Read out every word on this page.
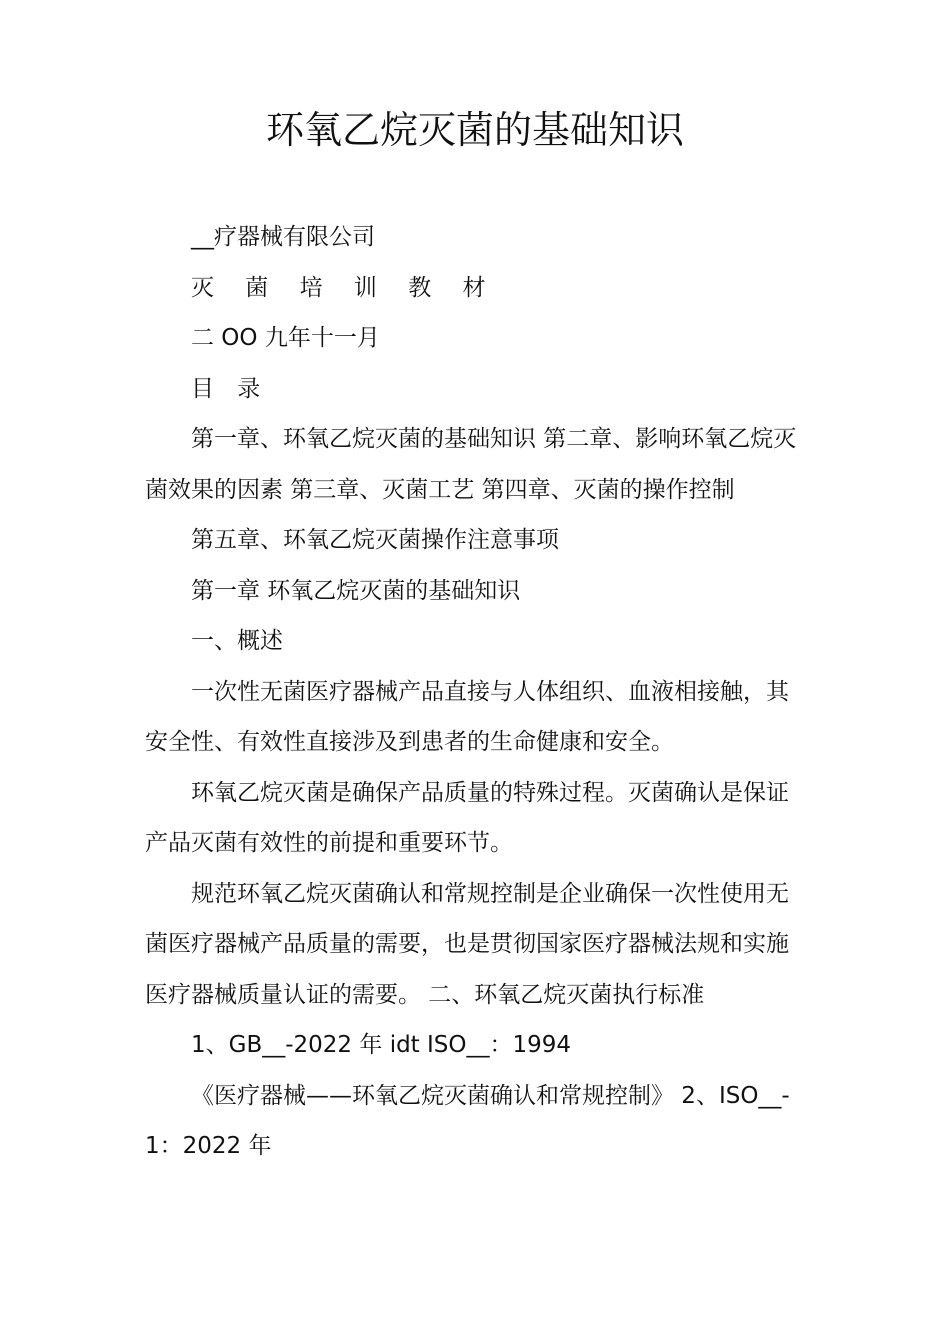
环氧乙烷灭菌的基础知识

__疗器械有限公司

灭 菌 培 训 教 材

二 OO 九年十一月

目 录

第一章、环氧乙烷灭菌的基础知识 第二章、影响环氧乙烷灭菌效果的因素 第三章、灭菌工艺 第四章、灭菌的操作控制

第五章、环氧乙烷灭菌操作注意事项

第一章 环氧乙烷灭菌的基础知识

一、概述

一次性无菌医疗器械产品直接与人体组织、血液相接触，其安全性、有效性直接涉及到患者的生命健康和安全。

环氧乙烷灭菌是确保产品质量的特殊过程。灭菌确认是保证产品灭菌有效性的前提和重要环节。

规范环氧乙烷灭菌确认和常规控制是企业确保一次性使用无菌医疗器械产品质量的需要，也是贯彻国家医疗器械法规和实施医疗器械质量认证的需要。 二、环氧乙烷灭菌执行标准

1、GB__-2022 年 idt ISO__：1994

《医疗器械——环氧乙烷灭菌确认和常规控制》 2、ISO__-1：2022 年
